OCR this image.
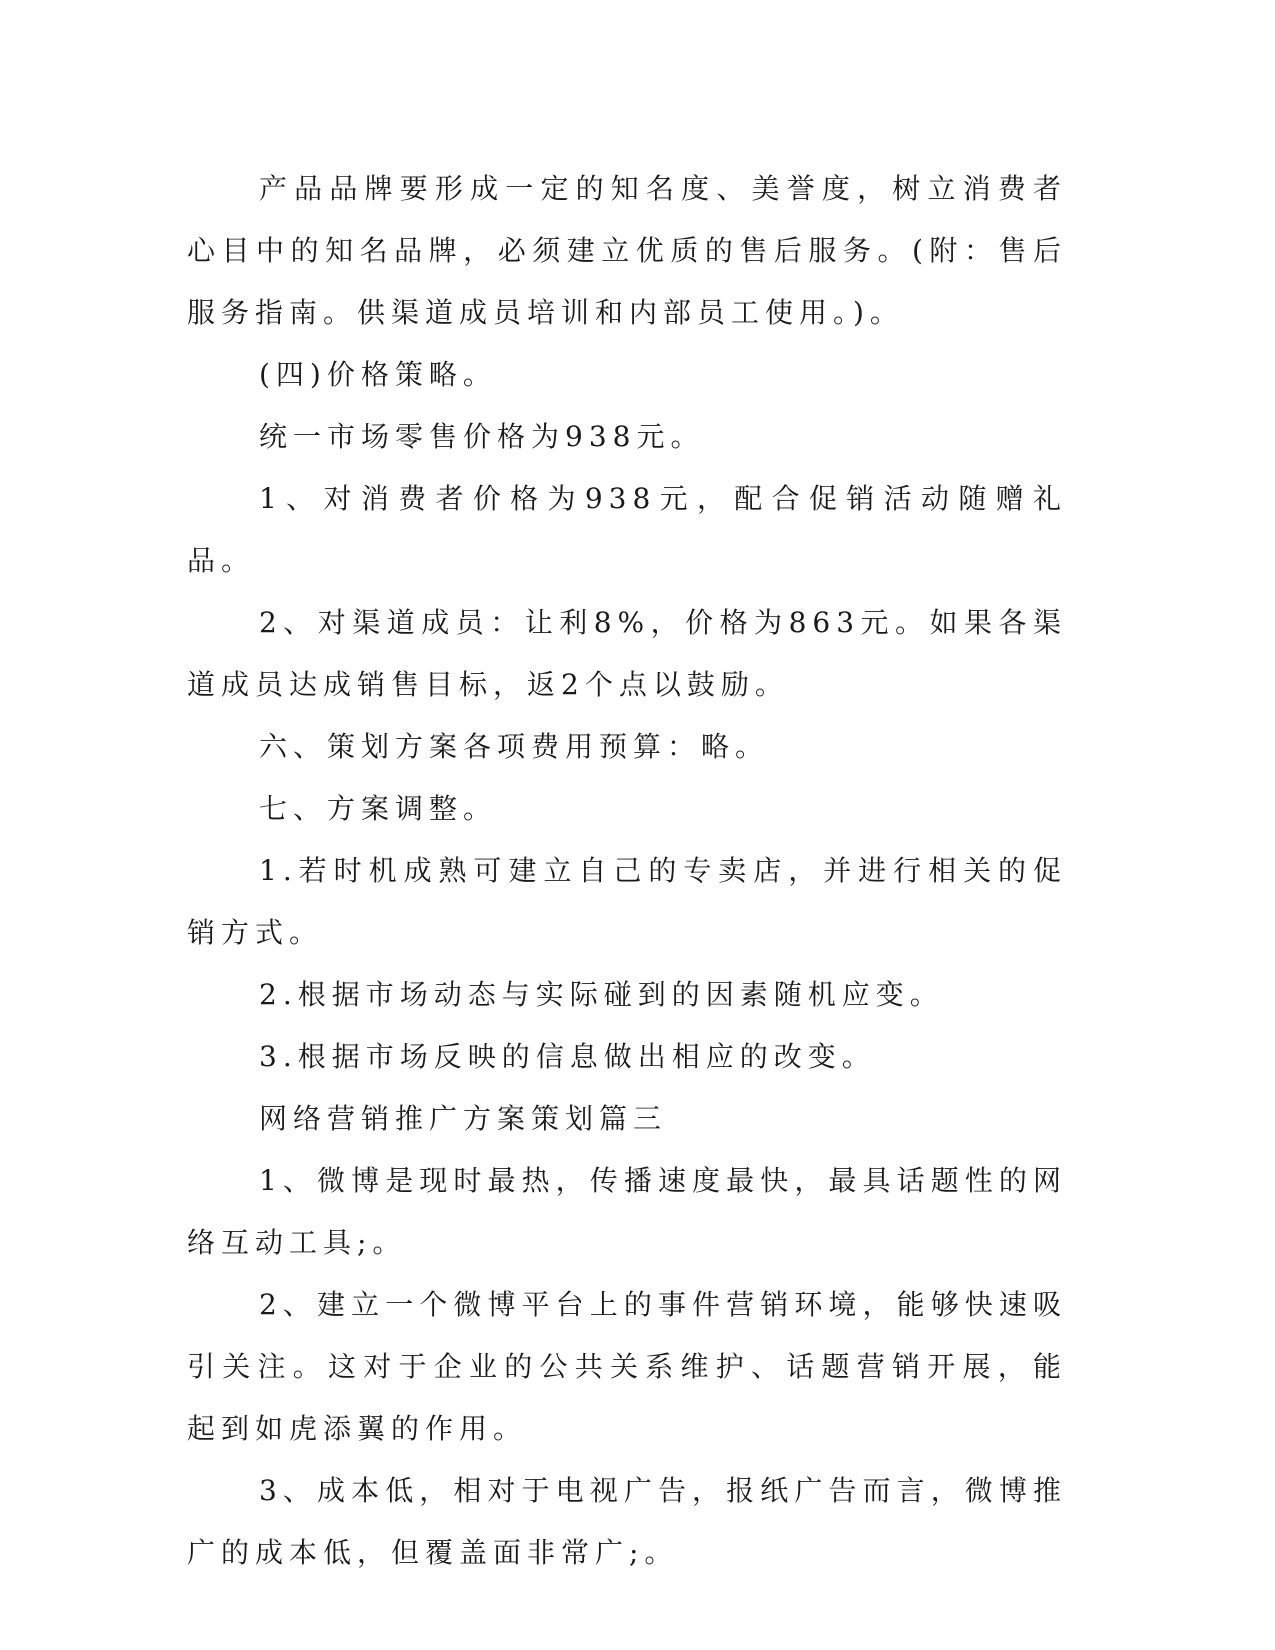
产品品牌要形成一定的知名度、美誉度，树立消费者心目中的知名品牌，必须建立优质的售后服务。(附：售后服务指南。供渠道成员培训和内部员工使用。)。

(四)价格策略。

统一市场零售价格为938元。

1、对消费者价格为938元，配合促销活动随赠礼品。

2、对渠道成员：让利8%，价格为863元。如果各渠道成员达成销售目标，返2个点以鼓励。

六、策划方案各项费用预算：略。

七、方案调整。

1.若时机成熟可建立自己的专卖店，并进行相关的促销方式。

2.根据市场动态与实际碰到的因素随机应变。

3.根据市场反映的信息做出相应的改变。

网络营销推广方案策划篇三

1、微博是现时最热，传播速度最快，最具话题性的网络互动工具;。

2、建立一个微博平台上的事件营销环境，能够快速吸引关注。这对于企业的公共关系维护、话题营销开展，能起到如虎添翼的作用。

3、成本低，相对于电视广告，报纸广告而言，微博推广的成本低，但覆盖面非常广;。
